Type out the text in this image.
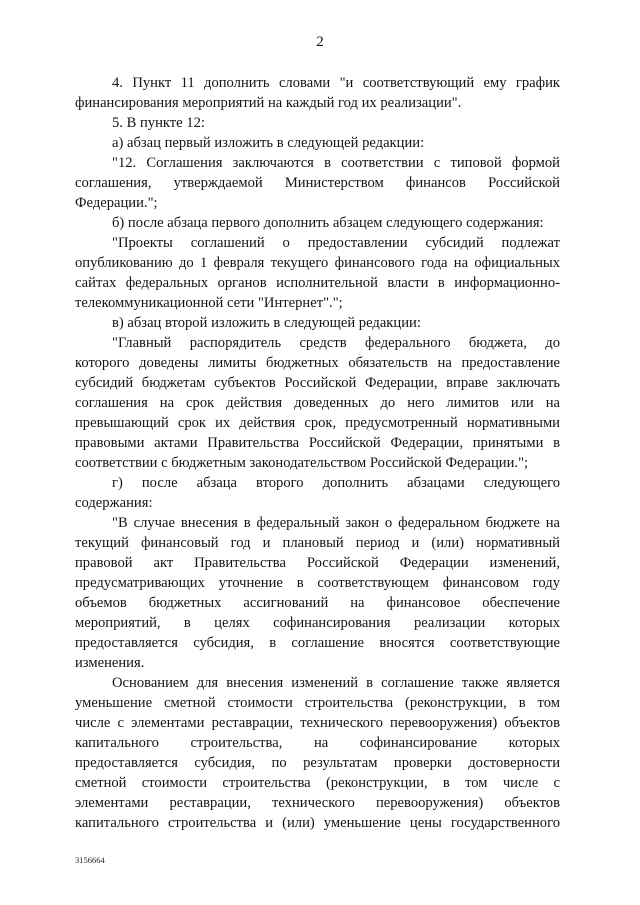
2
4. Пункт 11 дополнить словами "и соответствующий ему график
финансирования мероприятий на каждый год их реализации".
5. В пункте 12:
а) абзац первый изложить в следующей редакции:
"12. Соглашения заключаются в соответствии с типовой формой
соглашения, утверждаемой Министерством финансов Российской
Федерации.";
б) после абзаца первого дополнить абзацем следующего содержания:
"Проекты соглашений о предоставлении субсидий подлежат
опубликованию до 1 февраля текущего финансового года на официальных
сайтах федеральных органов исполнительной власти в информационно-
телекоммуникационной сети "Интернет".";
в) абзац второй изложить в следующей редакции:
"Главный распорядитель средств федерального бюджета, до
которого доведены лимиты бюджетных обязательств на предоставление
субсидий бюджетам субъектов Российской Федерации, вправе заключать
соглашения на срок действия доведенных до него лимитов или на
превышающий срок их действия срок, предусмотренный нормативными
правовыми актами Правительства Российской Федерации, принятыми в
соответствии с бюджетным законодательством Российской Федерации.";
г) после абзаца второго дополнить абзацами следующего
содержания:
"В случае внесения в федеральный закон о федеральном бюджете на
текущий финансовый год и плановый период и (или) нормативный
правовой акт Правительства Российской Федерации изменений,
предусматривающих уточнение в соответствующем финансовом году
объемов бюджетных ассигнований на финансовое обеспечение
мероприятий, в целях софинансирования реализации которых
предоставляется субсидия, в соглашение вносятся соответствующие
изменения.
Основанием для внесения изменений в соглашение также является
уменьшение сметной стоимости строительства (реконструкции, в том
числе с элементами реставрации, технического перевооружения) объектов
капитального строительства, на софинансирование которых
предоставляется субсидия, по результатам проверки достоверности
сметной стоимости строительства (реконструкции, в том числе с
элементами реставрации, технического перевооружения) объектов
капитального строительства и (или) уменьшение цены государственного
3156664
